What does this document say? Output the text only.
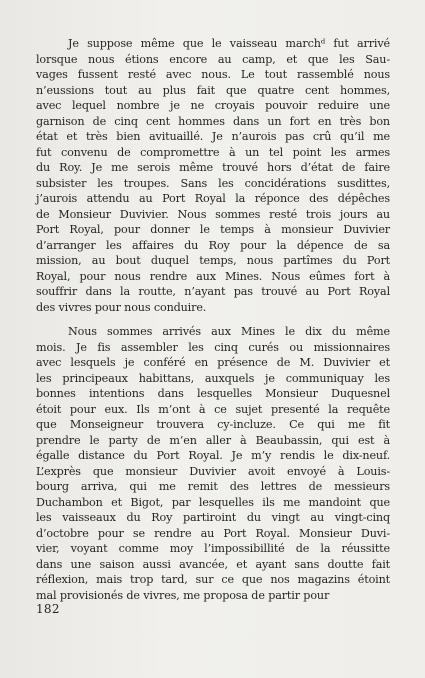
Je suppose même que le vaisseau marchᵈ fut arrivé
lorsque nous étions encore au camp, et que les Sau-
vages fussent resté avec nous. Le tout rassemblé nous
n’eussions tout au plus fait que quatre cent hommes,
avec lequel nombre je ne croyais pouvoir reduire une
garnison de cinq cent hommes dans un fort en très bon
état et très bien avituaillé. Je n’aurois pas crû qu’il me
fut convenu de compromettre à un tel point les armes
du Roy. Je me serois même trouvé hors d’état de faire
subsister les troupes. Sans les concidérations susdittes,
j’aurois attendu au Port Royal la réponce des dépêches
de Monsieur Duvivier. Nous sommes resté trois jours au
Port Royal, pour donner le temps à monsieur Duvivier
d’arranger les affaires du Roy pour la dépence de sa
mission, au bout duquel temps, nous partîmes du Port
Royal, pour nous rendre aux Mines. Nous eûmes fort à
souffrir dans la routte, n’ayant pas trouvé au Port Royal
des vivres pour nous conduire.
Nous sommes arrivés aux Mines le dix du même
mois. Je fis assembler les cinq curés ou missionnaires
avec lesquels je conféré en présence de M. Duvivier et
les principeaux habittans, auxquels je communiquay les
bonnes intentions dans lesquelles Monsieur Duquesnel
étoit pour eux. Ils m’ont à ce sujet presenté la requête
que Monseigneur trouvera cy-incluze. Ce qui me fit
prendre le party de m’en aller à Beaubassin, qui est à
égalle distance du Port Royal. Je m’y rendis le dix-neuf.
L’exprès que monsieur Duvivier avoit envoyé à Louis-
bourg arriva, qui me remit des lettres de messieurs
Duchambon et Bigot, par lesquelles ils me mandoint que
les vaisseaux du Roy partiroint du vingt au vingt-cinq
d’octobre pour se rendre au Port Royal. Monsieur Duvi-
vier, voyant comme moy l’impossibillité de la réussitte
dans une saison aussi avancée, et ayant sans doutte fait
réflexion, mais trop tard, sur ce que nos magazins étoint
mal provisionés de vivres, me proposa de partir pour
182
